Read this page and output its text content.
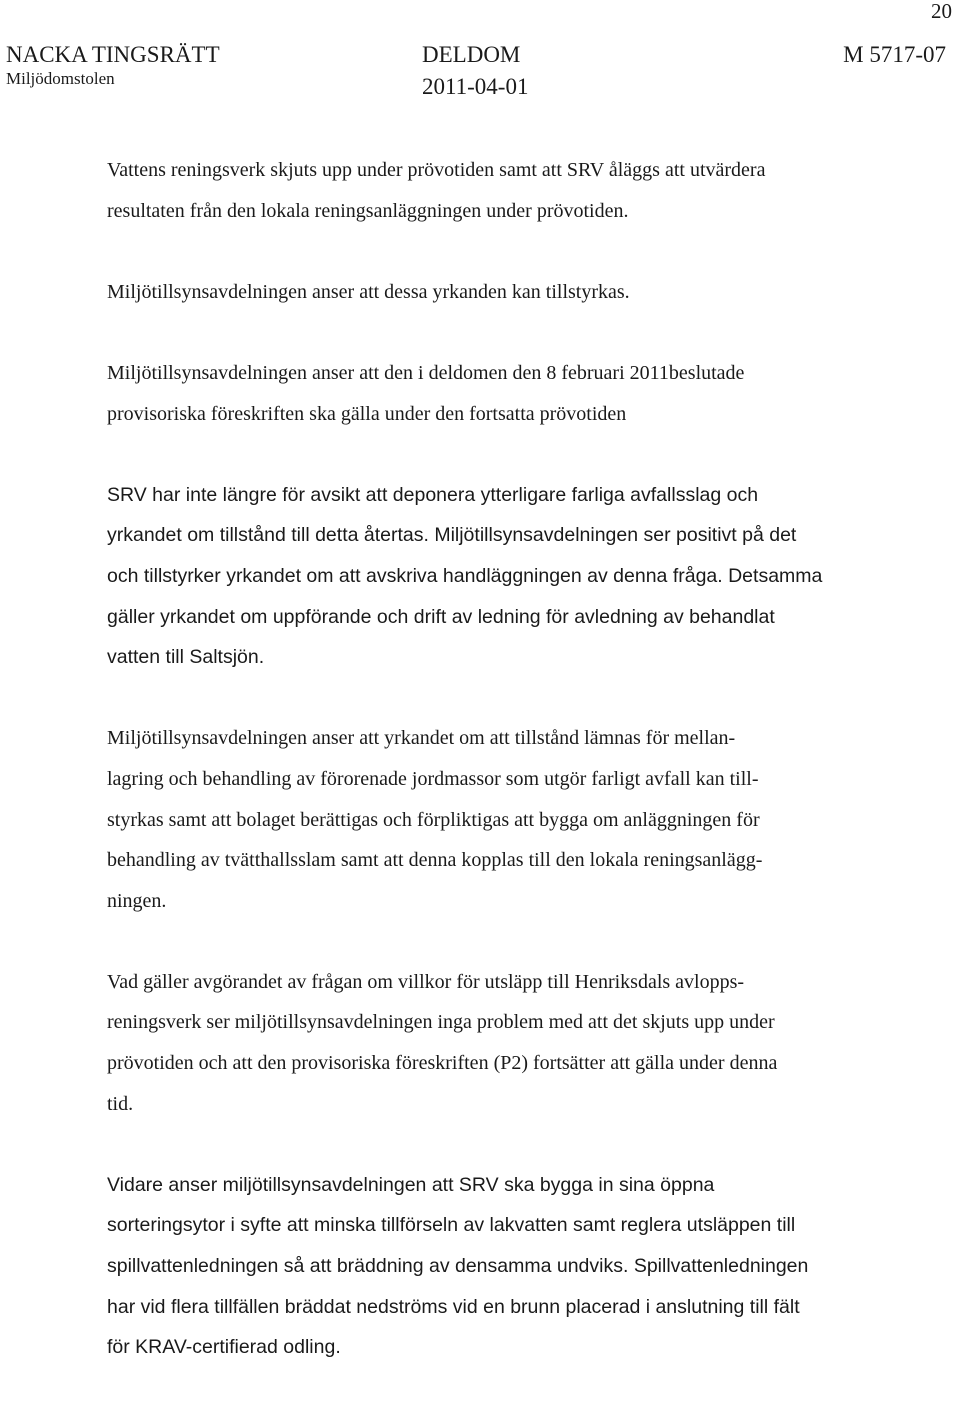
20
NACKA TINGSRÄTT
Miljödomstolen
DELDOM
2011-04-01
M 5717-07
Vattens reningsverk skjuts upp under prövotiden samt att SRV åläggs att utvärdera
resultaten från den lokala reningsanläggningen under prövotiden.
Miljötillsynsavdelningen anser att dessa yrkanden kan tillstyrkas.
Miljötillsynsavdelningen anser att den i deldomen den 8 februari 2011beslutade
provisoriska föreskriften ska gälla under den fortsatta prövotiden
SRV har inte längre för avsikt att deponera ytterligare farliga avfallsslag och
yrkandet om tillstånd till detta återtas. Miljötillsynsavdelningen ser positivt på det
och tillstyrker yrkandet om att avskriva handläggningen av denna fråga. Detsamma
gäller yrkandet om uppförande och drift av ledning för avledning av behandlat
vatten till Saltsjön.
Miljötillsynsavdelningen anser att yrkandet om att tillstånd lämnas för mellan-
lagring och behandling av förorenade jordmassor som utgör farligt avfall kan till-
styrkas samt att bolaget berättigas och förpliktigas att bygga om anläggningen för
behandling av tvätthallsslam samt att denna kopplas till den lokala reningsanlägg-
ningen.
Vad gäller avgörandet av frågan om villkor för utsläpp till Henriksdals avlopps-
reningsverk ser miljötillsynsavdelningen inga problem med att det skjuts upp under
prövotiden och att den provisoriska föreskriften (P2) fortsätter att gälla under denna
tid.
Vidare anser miljötillsynsavdelningen att SRV ska bygga in sina öppna
sorteringsytor i syfte att minska tillförseln av lakvatten samt reglera utsläppen till
spillvattenledningen så att bräddning av densamma undviks. Spillvattenledningen
har vid flera tillfällen bräddat nedströms vid en brunn placerad i anslutning till fält
för KRAV-certifierad odling.
